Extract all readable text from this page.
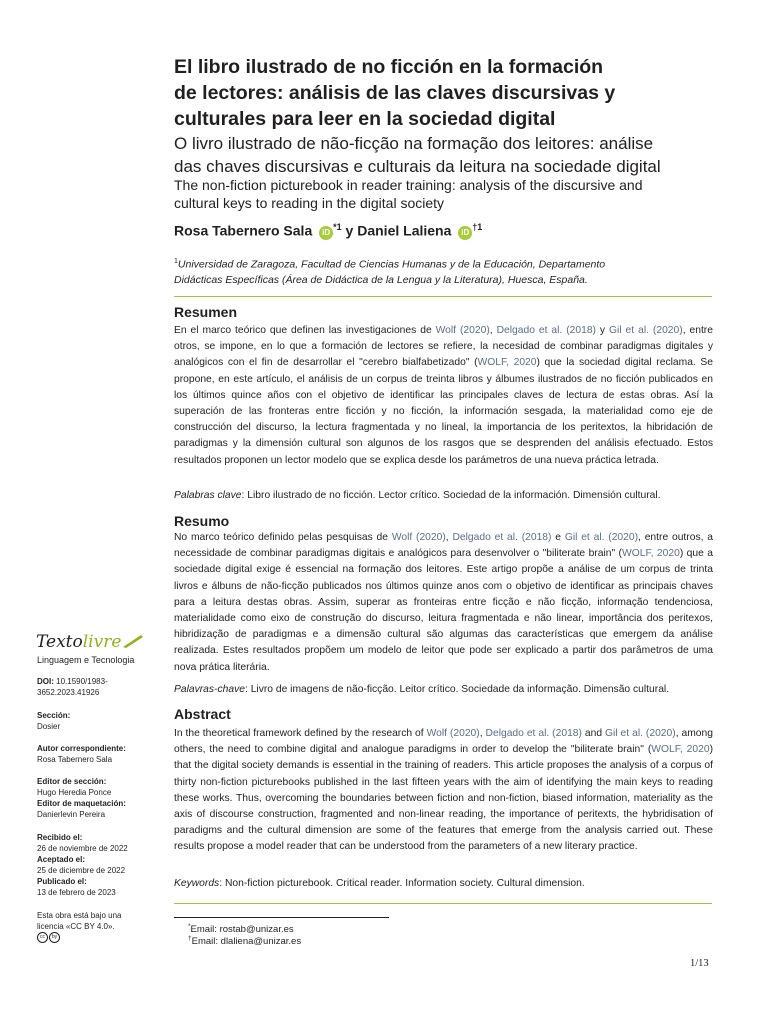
El libro ilustrado de no ficción en la formación
de lectores: análisis de las claves discursivas y
culturales para leer en la sociedad digital

O livro ilustrado de não-ficção na formação dos leitores: análise das chaves discursivas e culturais da leitura na sociedade digital

The non-fiction picturebook in reader training: analysis of the discursive and cultural keys to reading in the digital society

Rosa Tabernero Sala $iD^{*1}$ y Daniel Laliena $iD^{\dagger 1}$
$^1$Universidad de Zaragoza, Facultad de Ciencias Humanas y de la Educación, Departamento
Didácticas Específicas (Área de Didáctica de la Lengua y la Literatura), Huesca, España.
Resumen

En el marco teórico que definen las investigaciones de Wolf (2020), Delgado et al. (2018) y Gil et al. (2020), entre otros, se impone, en lo que a formación de lectores se refiere, la necesidad de combinar paradigmas digitales y analógicos con el fin de desarrollar el "cerebro bialfabetizado" (WOLF, 2020) que la sociedad digital reclama. Se propone, en este artículo, el análisis de un corpus de treinta libros y álbumes ilustrados de no ficción publicados en los últimos quince años con el objetivo de identificar las principales claves de lectura de estas obras. Así la superación de las fronteras entre ficción y no ficción, la información sesgada, la materialidad como eje de construcción del discurso, la lectura fragmentada y no lineal, la importancia de los peritextos, la hibridación de paradigmas y la dimensión cultural son algunos de los rasgos que se desprenden del análisis efectuado. Estos resultados proponen un lector modelo que se explica desde los parámetros de una nueva práctica letrada.

Palabras clave: Libro ilustrado de no ficción. Lector crítico. Sociedad de la información. Dimensión cultural.

Resumo

No marco teórico definido pelas pesquisas de Wolf (2020), Delgado et al. (2018) e Gil et al. (2020), entre outros, a necessidade de combinar paradigmas digitais e analógicos para desenvolver o "biliterate brain" (WOLF, 2020) que a sociedade digital exige é essencial na formação dos leitores. Este artigo propõe a análise de um corpus de trinta livros e álbuns de não-ficção publicados nos últimos quinze anos com o objetivo de identificar as principais chaves para a leitura destas obras. Assim, superar as fronteiras entre ficção e não ficção, informação tendenciosa, materialidade como eixo de construção do discurso, leitura fragmentada e não linear, importância dos peritexos, hibridização de paradigmas e a dimensão cultural são algumas das características que emergem da análise realizada. Estes resultados propõem um modelo de leitor que pode ser explicado a partir dos parâmetros de uma nova prática literária.

Palavras-chave: Livro de imagens de não-ficção. Leitor crítico. Sociedade da informação. Dimensão cultural.

Abstract

In the theoretical framework defined by the research of Wolf (2020), Delgado et al. (2018) and Gil et al. (2020), among others, the need to combine digital and analogue paradigms in order to develop the "biliterate brain" (WOLF, 2020) that the digital society demands is essential in the training of readers. This article proposes the analysis of a corpus of thirty non-fiction picturebooks published in the last fifteen years with the aim of identifying the main keys to reading these works. Thus, overcoming the boundaries between fiction and non-fiction, biased information, materiality as the axis of discourse construction, fragmented and non-linear reading, the importance of peritexts, the hybridisation of paradigms and the cultural dimension are some of the features that emerge from the analysis carried out. These results propose a model reader that can be understood from the parameters of a new literary practice.

Keywords: Non-fiction picturebook. Critical reader. Information society. Cultural dimension.

Textolivre
Linguagem e Tecnologia
DOI: 10.1590/1983-3652.2023.41926
Sección:
Dosier
Autor correspondiente:
Rosa Tabernero Sala
Editor de sección:
Hugo Heredia Ponce
Editor de maquetación:
Danierlevin Pereira
Recibido el:
26 de noviembre de 2022
Aceptado el:
25 de diciembre de 2022
Publicado el:
13 de febrero de 2023
Esta obra está bajo una licencia «CC BY 4.0».
cc by
*Email: rostab@unizar.es
†Email: dlaliena@unizar.es
1/13
